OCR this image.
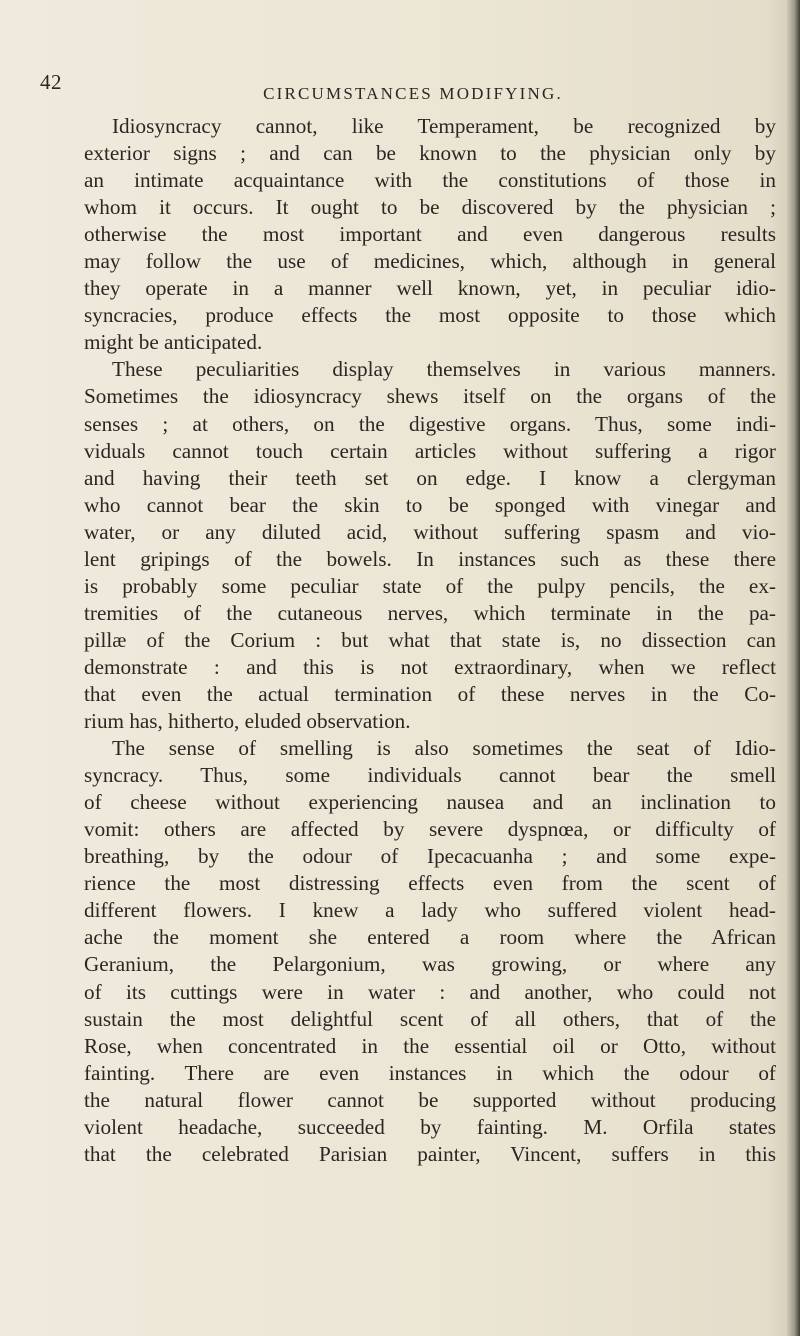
42	CIRCUMSTANCES MODIFYING.
Idiosyncracy cannot, like Temperament, be recognized by
exterior signs ; and can be known to the physician only by
an intimate acquaintance with the constitutions of those in
whom it occurs. It ought to be discovered by the physician ;
otherwise the most important and even dangerous results
may follow the use of medicines, which, although in general
they operate in a manner well known, yet, in peculiar idio-
syncracies, produce effects the most opposite to those which
might be anticipated.
These peculiarities display themselves in various manners.
Sometimes the idiosyncracy shews itself on the organs of the
senses ; at others, on the digestive organs. Thus, some indi-
viduals cannot touch certain articles without suffering a rigor
and having their teeth set on edge. I know a clergyman
who cannot bear the skin to be sponged with vinegar and
water, or any diluted acid, without suffering spasm and vio-
lent gripings of the bowels. In instances such as these there
is probably some peculiar state of the pulpy pencils, the ex-
tremities of the cutaneous nerves, which terminate in the pa-
pillæ of the Corium : but what that state is, no dissection can
demonstrate : and this is not extraordinary, when we reflect
that even the actual termination of these nerves in the Co-
rium has, hitherto, eluded observation.
The sense of smelling is also sometimes the seat of Idio-
syncracy. Thus, some individuals cannot bear the smell
of cheese without experiencing nausea and an inclination to
vomit: others are affected by severe dyspnœa, or difficulty of
breathing, by the odour of Ipecacuanha ; and some expe-
rience the most distressing effects even from the scent of
different flowers. I knew a lady who suffered violent head-
ache the moment she entered a room where the African
Geranium, the Pelargonium, was growing, or where any
of its cuttings were in water : and another, who could not
sustain the most delightful scent of all others, that of the
Rose, when concentrated in the essential oil or Otto, without
fainting. There are even instances in which the odour of
the natural flower cannot be supported without producing
violent headache, succeeded by fainting. M. Orfila states
that the celebrated Parisian painter, Vincent, suffers in this
